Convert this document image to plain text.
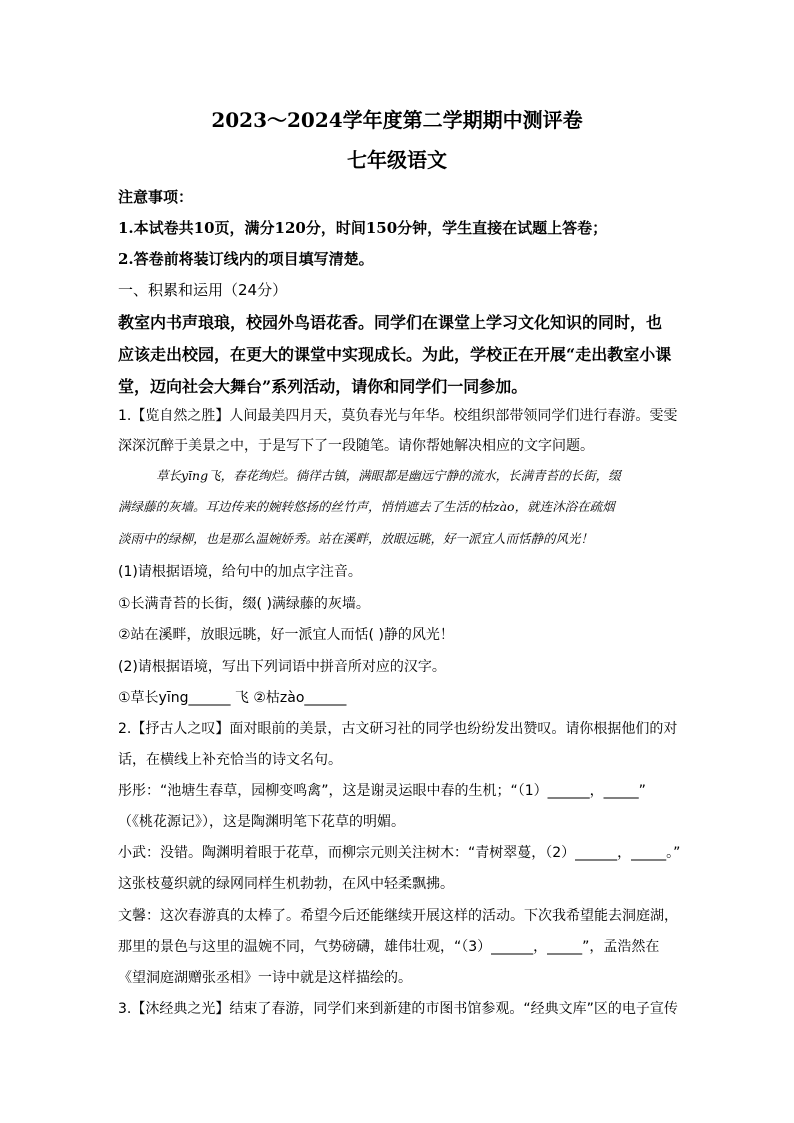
2023～2024学年度第二学期期中测评卷
七年级语文
注意事项：
1.本试卷共10页，满分120分，时间150分钟，学生直接在试题上答卷；
2.答卷前将装订线内的项目填写清楚。
一、积累和运用（24分）
教室内书声琅琅，校园外鸟语花香。同学们在课堂上学习文化知识的同时，也
应该走出校园，在更大的课堂中实现成长。为此，学校正在开展“走出教室小课
堂，迈向社会大舞台”系列活动，请你和同学们一同参加。
1.【览自然之胜】人间最美四月天，莫负春光与年华。校组织部带领同学们进行春游。雯雯
深深沉醉于美景之中，于是写下了一段随笔。请你帮她解决相应的文字问题。
草长yīng飞，春花绚烂。徜徉古镇，满眼都是幽远宁静的流水，长满青苔的长街，缀
满绿藤的灰墙。耳边传来的婉转悠扬的丝竹声，悄悄遮去了生活的枯zào，就连沐浴在疏烟
淡雨中的绿柳，也是那么温婉娇秀。站在溪畔，放眼远眺，好一派宜人而恬静的风光！
(1)请根据语境，给句中的加点字注音。
①长满青苔的长街，缀( )满绿藤的灰墙。
②站在溪畔，放眼远眺，好一派宜人而恬( )静的风光！
(2)请根据语境，写出下列词语中拼音所对应的汉字。
①草长yīng______ 飞 ②枯zào______
2.【抒古人之叹】面对眼前的美景，古文研习社的同学也纷纷发出赞叹。请你根据他们的对
话，在横线上补充恰当的诗文名句。
彤彤：“池塘生春草，园柳变鸣禽”，这是谢灵运眼中春的生机；“（1）______，_____”
（《桃花源记》），这是陶渊明笔下花草的明媚。
小武：没错。陶渊明着眼于花草，而柳宗元则关注树木：“青树翠蔓，（2）______，_____。”
这张枝蔓织就的绿网同样生机勃勃，在风中轻柔飘拂。
文馨：这次春游真的太棒了。希望今后还能继续开展这样的活动。下次我希望能去洞庭湖，
那里的景色与这里的温婉不同，气势磅礴，雄伟壮观，“（3）______，_____”，孟浩然在
《望洞庭湖赠张丞相》一诗中就是这样描绘的。
3.【沐经典之光】结束了春游，同学们来到新建的市图书馆参观。“经典文库”区的电子宣传
